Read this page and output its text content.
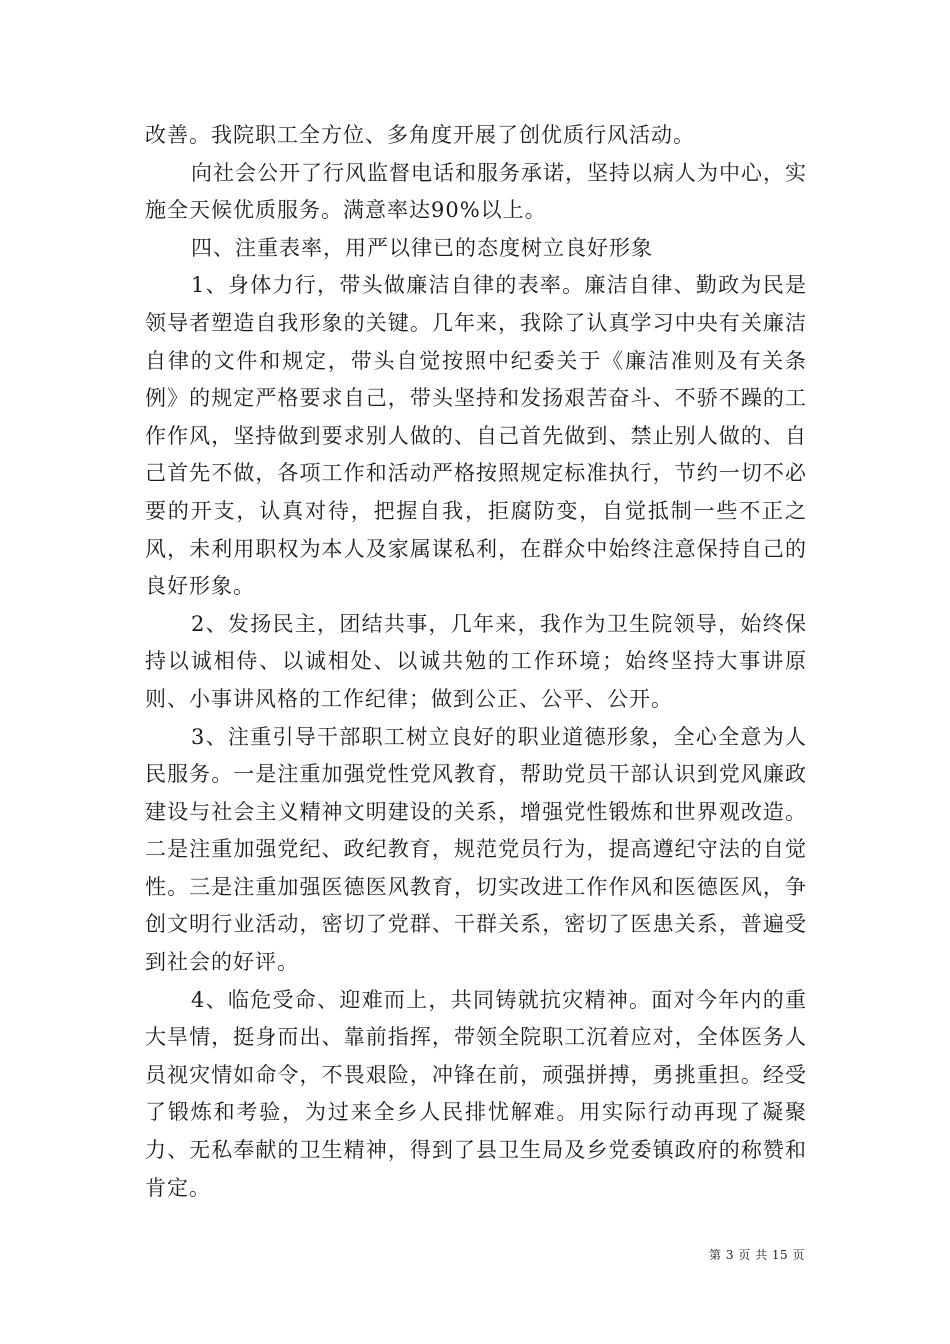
改善。我院职工全方位、多角度开展了创优质行风活动。

向社会公开了行风监督电话和服务承诺，坚持以病人为中心，实施全天候优质服务。满意率达90%以上。

四、注重表率，用严以律已的态度树立良好形象

1、身体力行，带头做廉洁自律的表率。廉洁自律、勤政为民是领导者塑造自我形象的关键。几年来，我除了认真学习中央有关廉洁自律的文件和规定，带头自觉按照中纪委关于《廉洁准则及有关条例》的规定严格要求自己，带头坚持和发扬艰苦奋斗、不骄不躁的工作作风，坚持做到要求别人做的、自己首先做到、禁止别人做的、自己首先不做，各项工作和活动严格按照规定标准执行，节约一切不必要的开支，认真对待，把握自我，拒腐防变，自觉抵制一些不正之风，未利用职权为本人及家属谋私利，在群众中始终注意保持自己的良好形象。

2、发扬民主，团结共事，几年来，我作为卫生院领导，始终保持以诚相侍、以诚相处、以诚共勉的工作环境；始终坚持大事讲原则、小事讲风格的工作纪律；做到公正、公平、公开。

3、注重引导干部职工树立良好的职业道德形象，全心全意为人民服务。一是注重加强党性党风教育，帮助党员干部认识到党风廉政建设与社会主义精神文明建设的关系，增强党性锻炼和世界观改造。二是注重加强党纪、政纪教育，规范党员行为，提高遵纪守法的自觉性。三是注重加强医德医风教育，切实改进工作作风和医德医风，争创文明行业活动，密切了党群、干群关系，密切了医患关系，普遍受到社会的好评。

4、临危受命、迎难而上，共同铸就抗灾精神。面对今年内的重大旱情，挺身而出、靠前指挥，带领全院职工沉着应对，全体医务人员视灾情如命令，不畏艰险，冲锋在前，顽强拼搏，勇挑重担。经受了锻炼和考验，为过来全乡人民排忧解难。用实际行动再现了凝聚力、无私奉献的卫生精神，得到了县卫生局及乡党委镇政府的称赞和肯定。

第 3 页 共 15 页
